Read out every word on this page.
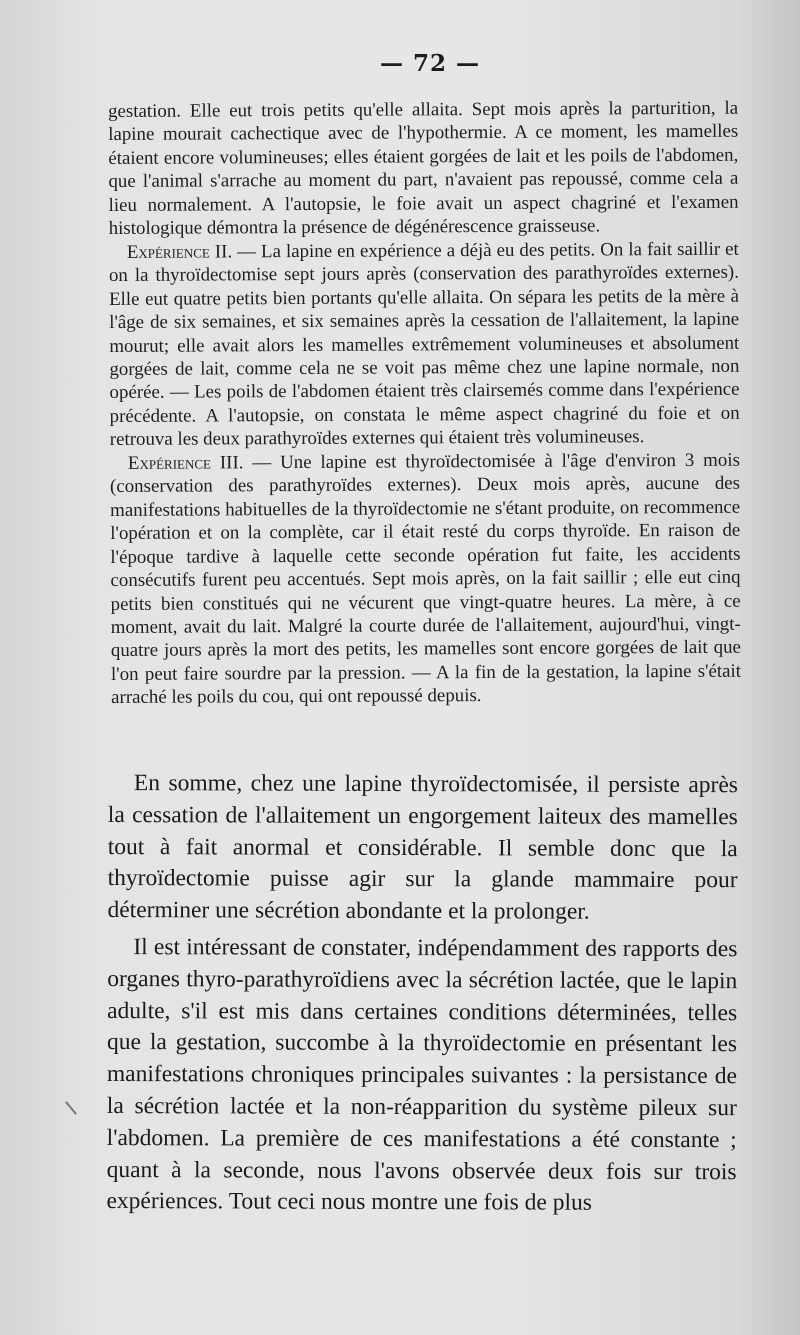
— 72 —

gestation. Elle eut trois petits qu'elle allaita. Sept mois après la parturition, la lapine mourait cachectique avec de l'hypothermie. A ce moment, les mamelles étaient encore volumineuses; elles étaient gorgées de lait et les poils de l'abdomen, que l'animal s'arrache au moment du part, n'avaient pas repoussé, comme cela a lieu normalement. A l'autopsie, le foie avait un aspect chagriné et l'examen histologique démontra la présence de dégénérescence graisseuse.

Expérience II. — La lapine en expérience a déjà eu des petits. On la fait saillir et on la thyroïdectomise sept jours après (conservation des parathyroïdes externes). Elle eut quatre petits bien portants qu'elle allaita. On sépara les petits de la mère à l'âge de six semaines, et six semaines après la cessation de l'allaitement, la lapine mourut; elle avait alors les mamelles extrêmement volumineuses et absolument gorgées de lait, comme cela ne se voit pas même chez une lapine normale, non opérée. — Les poils de l'abdomen étaient très clairsemés comme dans l'expérience précédente. A l'autopsie, on constata le même aspect chagriné du foie et on retrouva les deux parathyroïdes externes qui étaient très volumineuses.

Expérience III. — Une lapine est thyroïdectomisée à l'âge d'environ 3 mois (conservation des parathyroïdes externes). Deux mois après, aucune des manifestations habituelles de la thyroïdectomie ne s'étant produite, on recommence l'opération et on la complète, car il était resté du corps thyroïde. En raison de l'époque tardive à laquelle cette seconde opération fut faite, les accidents consécutifs furent peu accentués. Sept mois après, on la fait saillir ; elle eut cinq petits bien constitués qui ne vécurent que vingt-quatre heures. La mère, à ce moment, avait du lait. Malgré la courte durée de l'allaitement, aujourd'hui, vingt-quatre jours après la mort des petits, les mamelles sont encore gorgées de lait que l'on peut faire sourdre par la pression. — A la fin de la gestation, la lapine s'était arraché les poils du cou, qui ont repoussé depuis.

En somme, chez une lapine thyroïdectomisée, il persiste après la cessation de l'allaitement un engorgement laiteux des mamelles tout à fait anormal et considérable. Il semble donc que la thyroïdectomie puisse agir sur la glande mammaire pour déterminer une sécrétion abondante et la prolonger.

Il est intéressant de constater, indépendamment des rapports des organes thyro-parathyroïdiens avec la sécrétion lactée, que le lapin adulte, s'il est mis dans certaines conditions déterminées, telles que la gestation, succombe à la thyroïdectomie en présentant les manifestations chroniques principales suivantes : la persistance de la sécrétion lactée et la non-réapparition du système pileux sur l'abdomen. La première de ces manifestations a été constante ; quant à la seconde, nous l'avons observée deux fois sur trois expériences. Tout ceci nous montre une fois de plus
